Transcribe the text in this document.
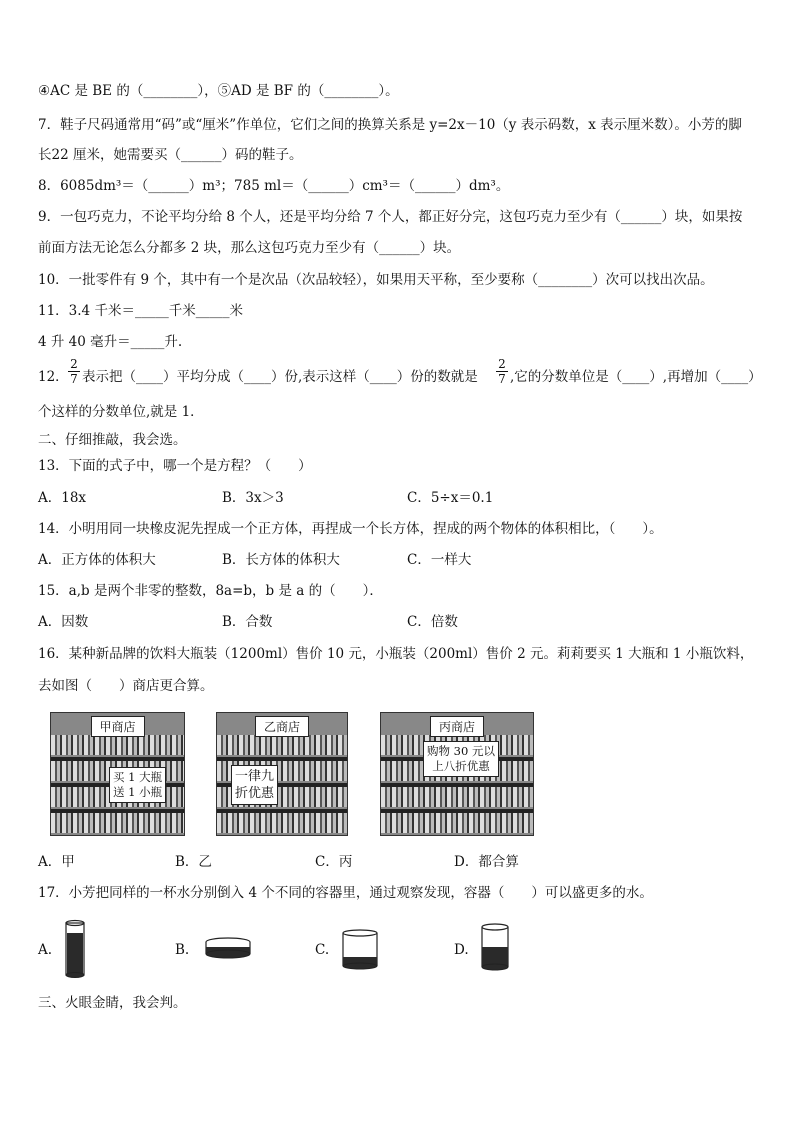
④AC 是 BE 的（________），⑤AD 是 BF 的（________）。
7．鞋子尺码通常用“码”或“厘米”作单位，它们之间的换算关系是 y=2x－10（y 表示码数，x 表示厘米数）。小芳的脚
长22 厘米，她需要买（______）码的鞋子。
8．6085dm³＝（______）m³；785 ml＝（______）cm³＝（______）dm³。
9．一包巧克力，不论平均分给 8 个人，还是平均分给 7 个人，都正好分完，这包巧克力至少有（______）块，如果按
前面方法无论怎么分都多 2 块，那么这包巧克力至少有（______）块。
10．一批零件有 9 个，其中有一个是次品（次品较轻），如果用天平称，至少要称（________）次可以找出次品。
11．3.4 千米＝_____千米_____米
4 升 40 毫升＝_____升.
12． $\frac{2}{7}$ 表示把（____）平均分成（____）份,表示这样（____）份的数就是 $\frac{2}{7}$ ,它的分数单位是（____）,再增加（____）
个这样的分数单位,就是 1．
二、仔细推敲，我会选。
13．下面的式子中，哪一个是方程？（　　）
A．18x	B．3x＞3	C．5÷x＝0.1
14．小明用同一块橡皮泥先捏成一个正方体，再捏成一个长方体，捏成的两个物体的体积相比，（　　）。
A．正方体的体积大	B．长方体的体积大	C．一样大
15．a,b 是两个非零的整数，8a=b，b 是 a 的（　　）．
A．因数	B．合数	C．倍数
16．某种新品牌的饮料大瓶装（1200ml）售价 10 元，小瓶装（200ml）售价 2 元。莉莉要买 1 大瓶和 1 小瓶饮料，
去如图（　　）商店更合算。
甲商店
买 1 大瓶
送 1 小瓶
乙商店
一律九
折优惠
丙商店
购物 30 元以
上八折优惠
A．甲	B．乙	C．丙	D．都合算
17．小芳把同样的一杯水分别倒入 4 个不同的容器里，通过观察发现，容器（　　）可以盛更多的水。
A.	B.	C.	D.
三、火眼金睛，我会判。
